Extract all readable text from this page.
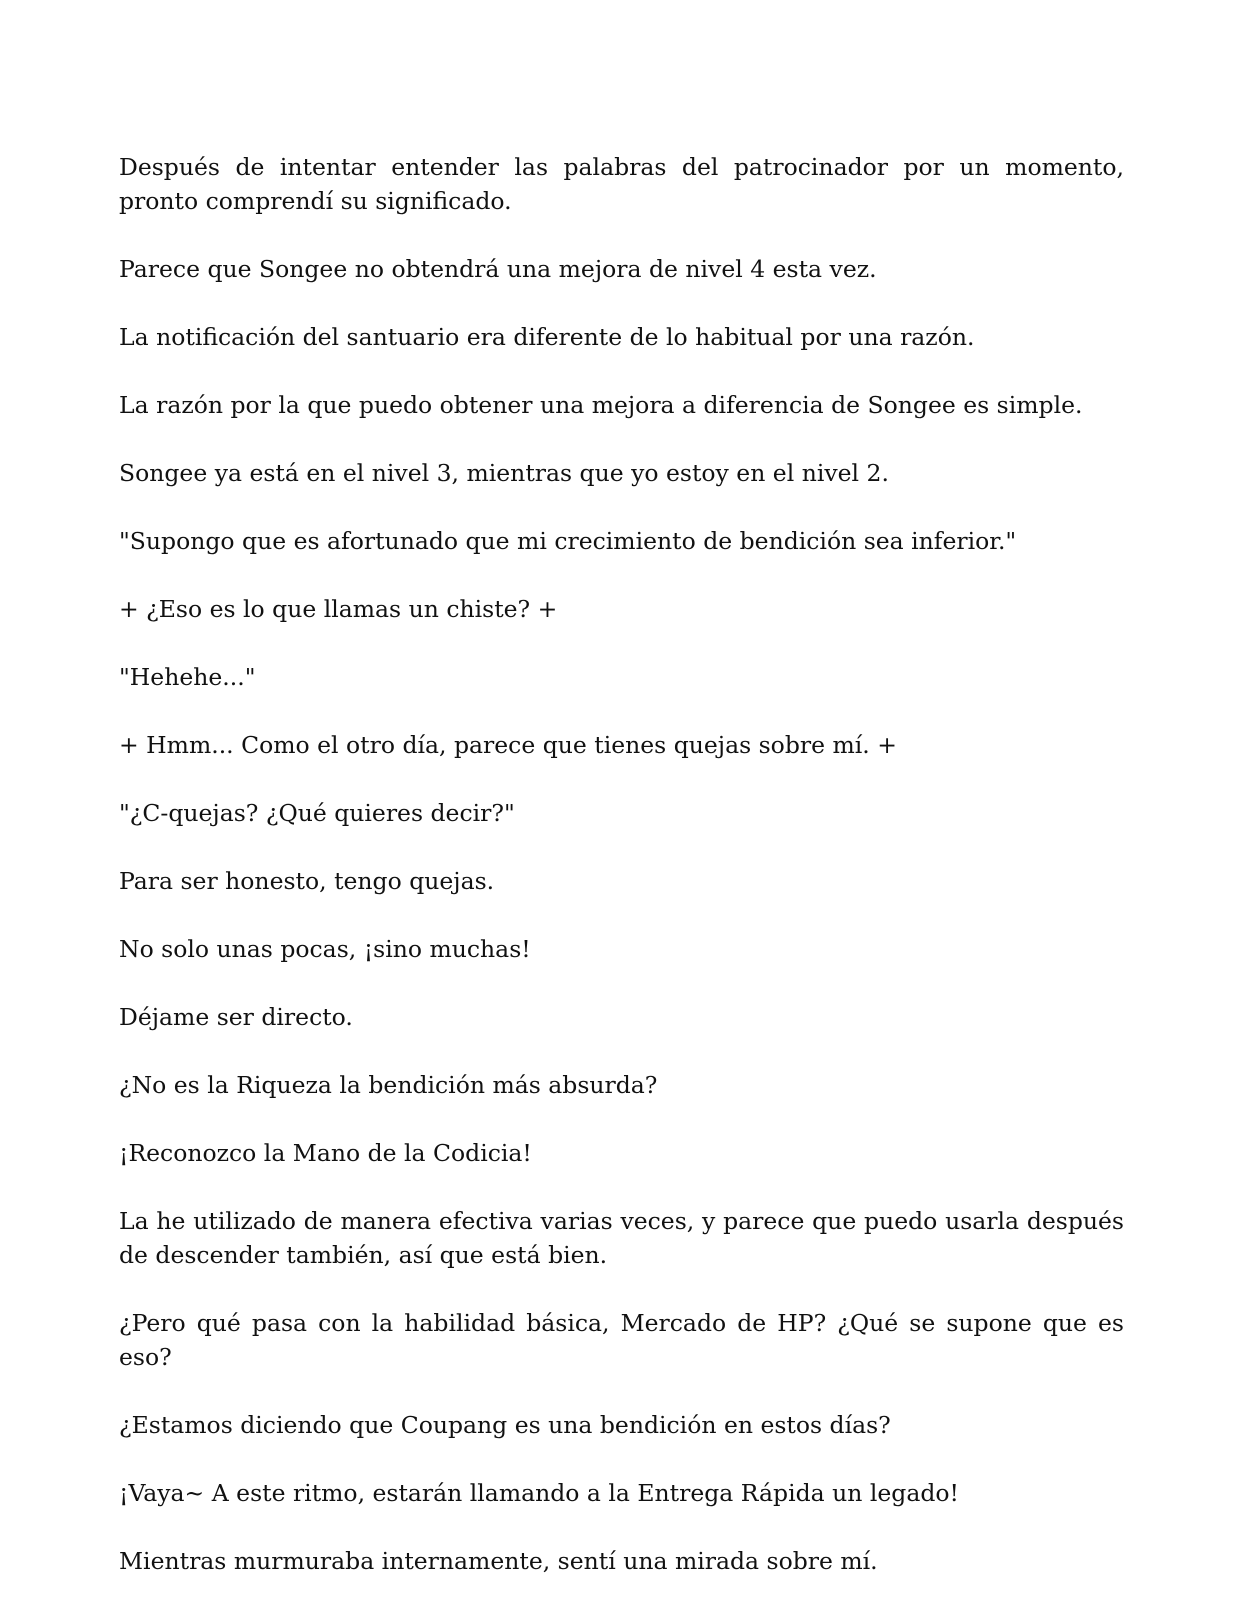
Después de intentar entender las palabras del patrocinador por un momento, pronto comprendí su significado.

Parece que Songee no obtendrá una mejora de nivel 4 esta vez.

La notificación del santuario era diferente de lo habitual por una razón.

La razón por la que puedo obtener una mejora a diferencia de Songee es simple.

Songee ya está en el nivel 3, mientras que yo estoy en el nivel 2.

"Supongo que es afortunado que mi crecimiento de bendición sea inferior."

+ ¿Eso es lo que llamas un chiste? +

"Hehehe..."

+ Hmm... Como el otro día, parece que tienes quejas sobre mí. +

"¿C-quejas? ¿Qué quieres decir?"

Para ser honesto, tengo quejas.

No solo unas pocas, ¡sino muchas!

Déjame ser directo.

¿No es la Riqueza la bendición más absurda?

¡Reconozco la Mano de la Codicia!

La he utilizado de manera efectiva varias veces, y parece que puedo usarla después de descender también, así que está bien.

¿Pero qué pasa con la habilidad básica, Mercado de HP? ¿Qué se supone que es eso?

¿Estamos diciendo que Coupang es una bendición en estos días?

¡Vaya~ A este ritmo, estarán llamando a la Entrega Rápida un legado!

Mientras murmuraba internamente, sentí una mirada sobre mí.
